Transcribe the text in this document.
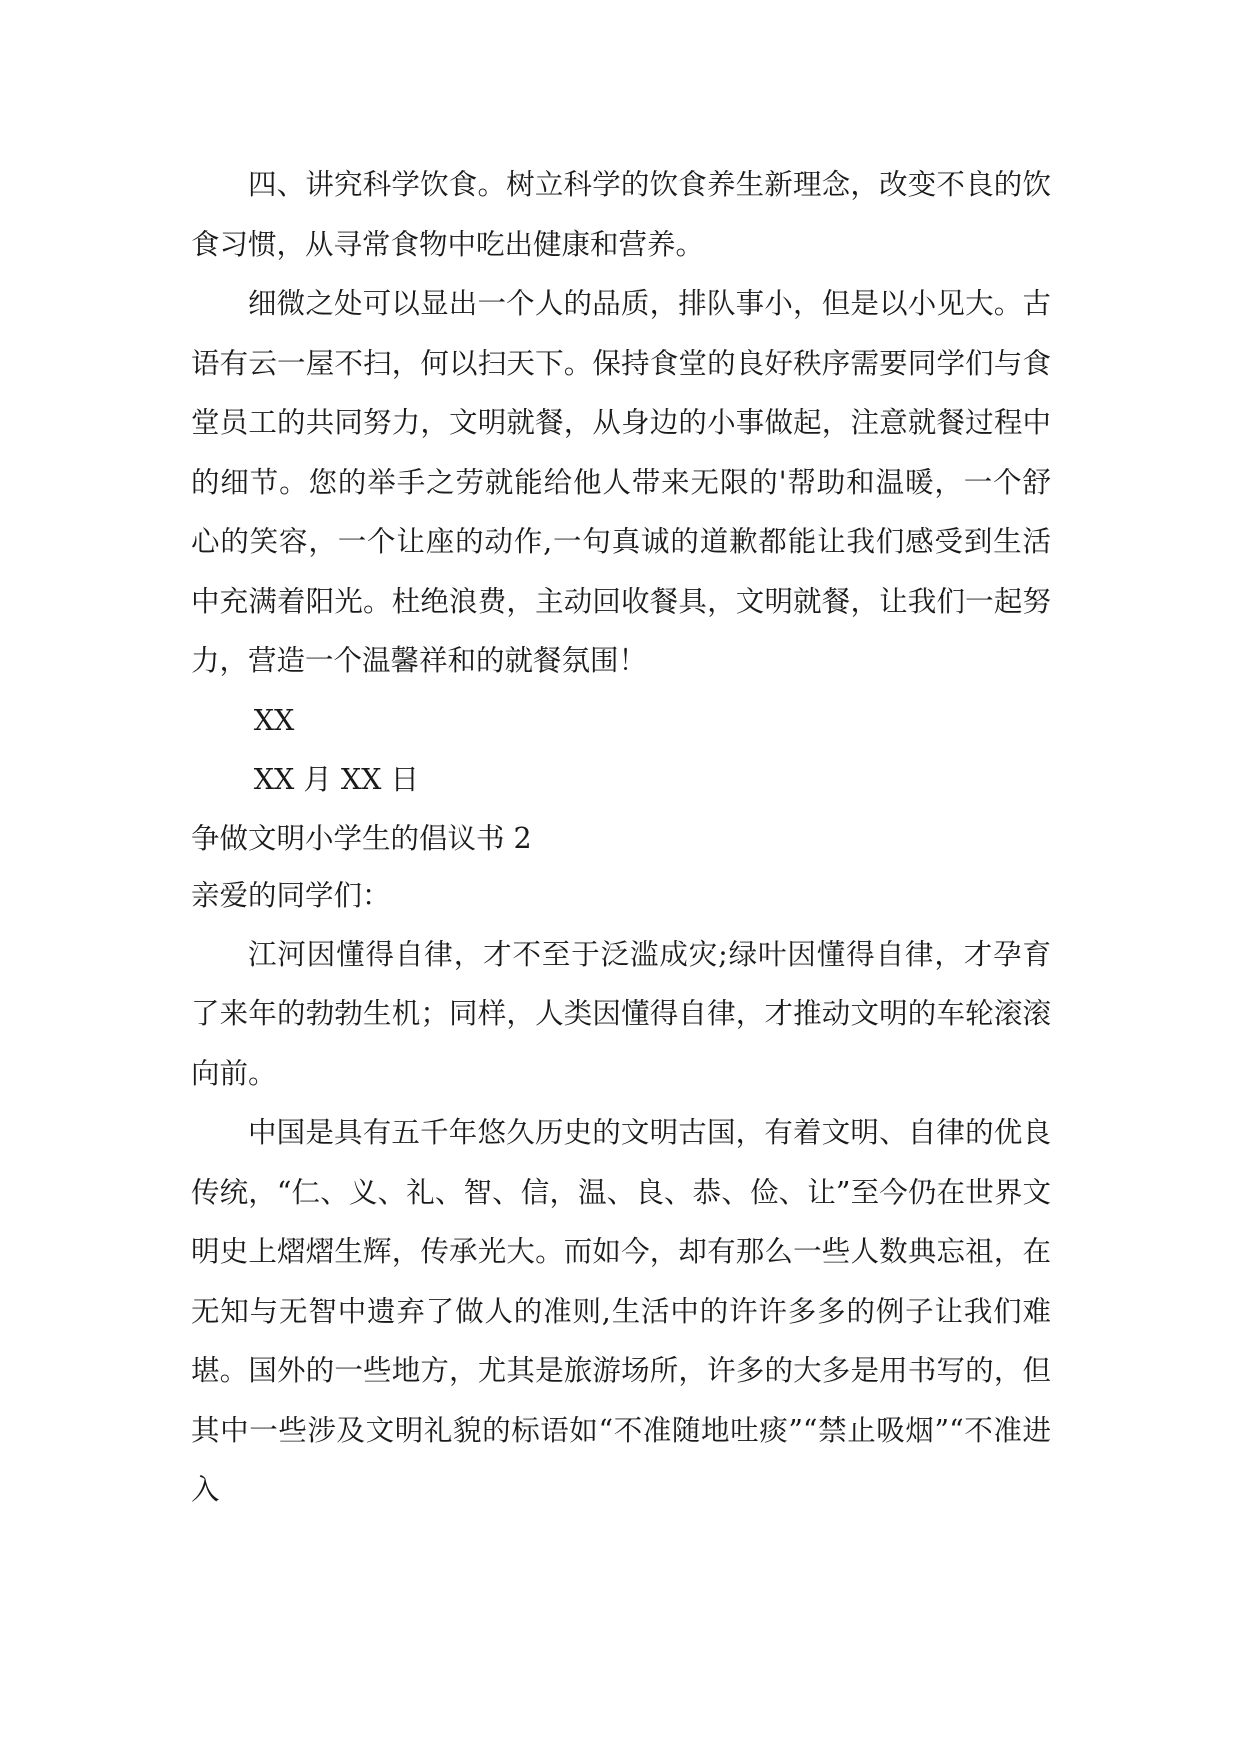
四、讲究科学饮食。树立科学的饮食养生新理念，改变不良的饮食习惯，从寻常食物中吃出健康和营养。

细微之处可以显出一个人的品质，排队事小，但是以小见大。古语有云一屋不扫，何以扫天下。保持食堂的良好秩序需要同学们与食堂员工的共同努力，文明就餐，从身边的小事做起，注意就餐过程中的细节。您的举手之劳就能给他人带来无限的'帮助和温暖，一个舒心的笑容，一个让座的动作,一句真诚的道歉都能让我们感受到生活中充满着阳光。杜绝浪费，主动回收餐具，文明就餐，让我们一起努力，营造一个温馨祥和的就餐氛围！

XX

XX 月 XX 日

争做文明小学生的倡议书 2

亲爱的同学们：

江河因懂得自律，才不至于泛滥成灾;绿叶因懂得自律，才孕育了来年的勃勃生机；同样，人类因懂得自律，才推动文明的车轮滚滚向前。

中国是具有五千年悠久历史的文明古国，有着文明、自律的优良传统，“仁、义、礼、智、信，温、良、恭、俭、让”至今仍在世界文明史上熠熠生辉，传承光大。而如今，却有那么一些人数典忘祖，在无知与无智中遗弃了做人的准则,生活中的许许多多的例子让我们难堪。国外的一些地方，尤其是旅游场所，许多的大多是用书写的，但其中一些涉及文明礼貌的标语如“不准随地吐痰”“禁止吸烟”“不准进入
